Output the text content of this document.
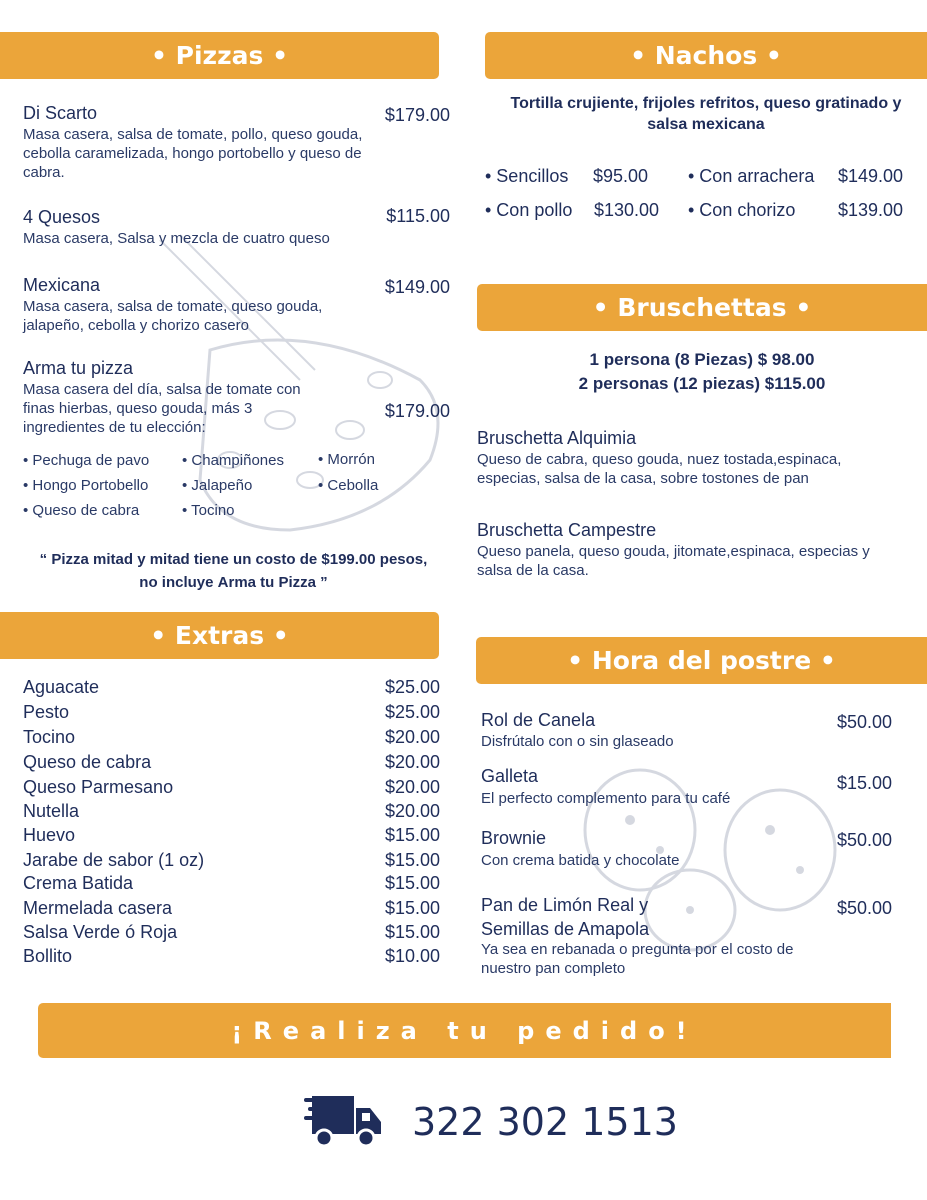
• Pizzas •
Di Scarto	$179.00
Masa casera, salsa de tomate, pollo, queso gouda, cebolla caramelizada, hongo portobello y queso de cabra.
4 Quesos	$115.00
Masa casera, Salsa y mezcla de cuatro queso
Mexicana	$149.00
Masa casera, salsa de tomate, queso gouda, jalapeño, cebolla y chorizo casero
Arma tu pizza
$179.00
Masa casera del día, salsa de tomate con finas hierbas, queso gouda, más 3 ingredientes de tu elección:
• Pechuga de pavo • Champiñones • Morrón
• Hongo Portobello • Jalapeño	• Cebolla
• Queso de cabra	• Tocino
“ Pizza mitad y mitad tiene un costo de $199.00 pesos,
no incluye Arma tu Pizza ”
• Extras •
Aguacate	$25.00
Pesto	$25.00
Tocino	$20.00
Queso de cabra	$20.00
Queso Parmesano	$20.00
Nutella	$20.00
Huevo	$15.00
Jarabe de sabor (1 oz)	$15.00
Crema Batida	$15.00
Mermelada casera	$15.00
Salsa Verde ó Roja	$15.00
Bollito	$10.00
• Nachos •
Tortilla crujiente, frijoles refritos, queso gratinado y salsa mexicana
• Sencillos $95.00 • Con arrachera $149.00
• Con pollo $130.00 • Con chorizo $139.00
• Bruschettas •
1 persona (8 Piezas) $ 98.00
2 personas (12 piezas) $115.00
Bruschetta Alquimia
Queso de cabra, queso gouda, nuez tostada,espinaca, especias, salsa de la casa, sobre tostones de pan
Bruschetta Campestre
Queso panela, queso gouda, jitomate,espinaca, especias y salsa de la casa.
• Hora del postre •
Rol de Canela	$50.00
Disfrútalo con o sin glaseado
Galleta	$15.00
El perfecto complemento para tu café
Brownie	$50.00
Con crema batida y chocolate
Pan de Limón Real y Semillas de Amapola
$50.00
Ya sea en rebanada o pregunta por el costo de nuestro pan completo
¡Realiza tu pedido!
322 302 1513
